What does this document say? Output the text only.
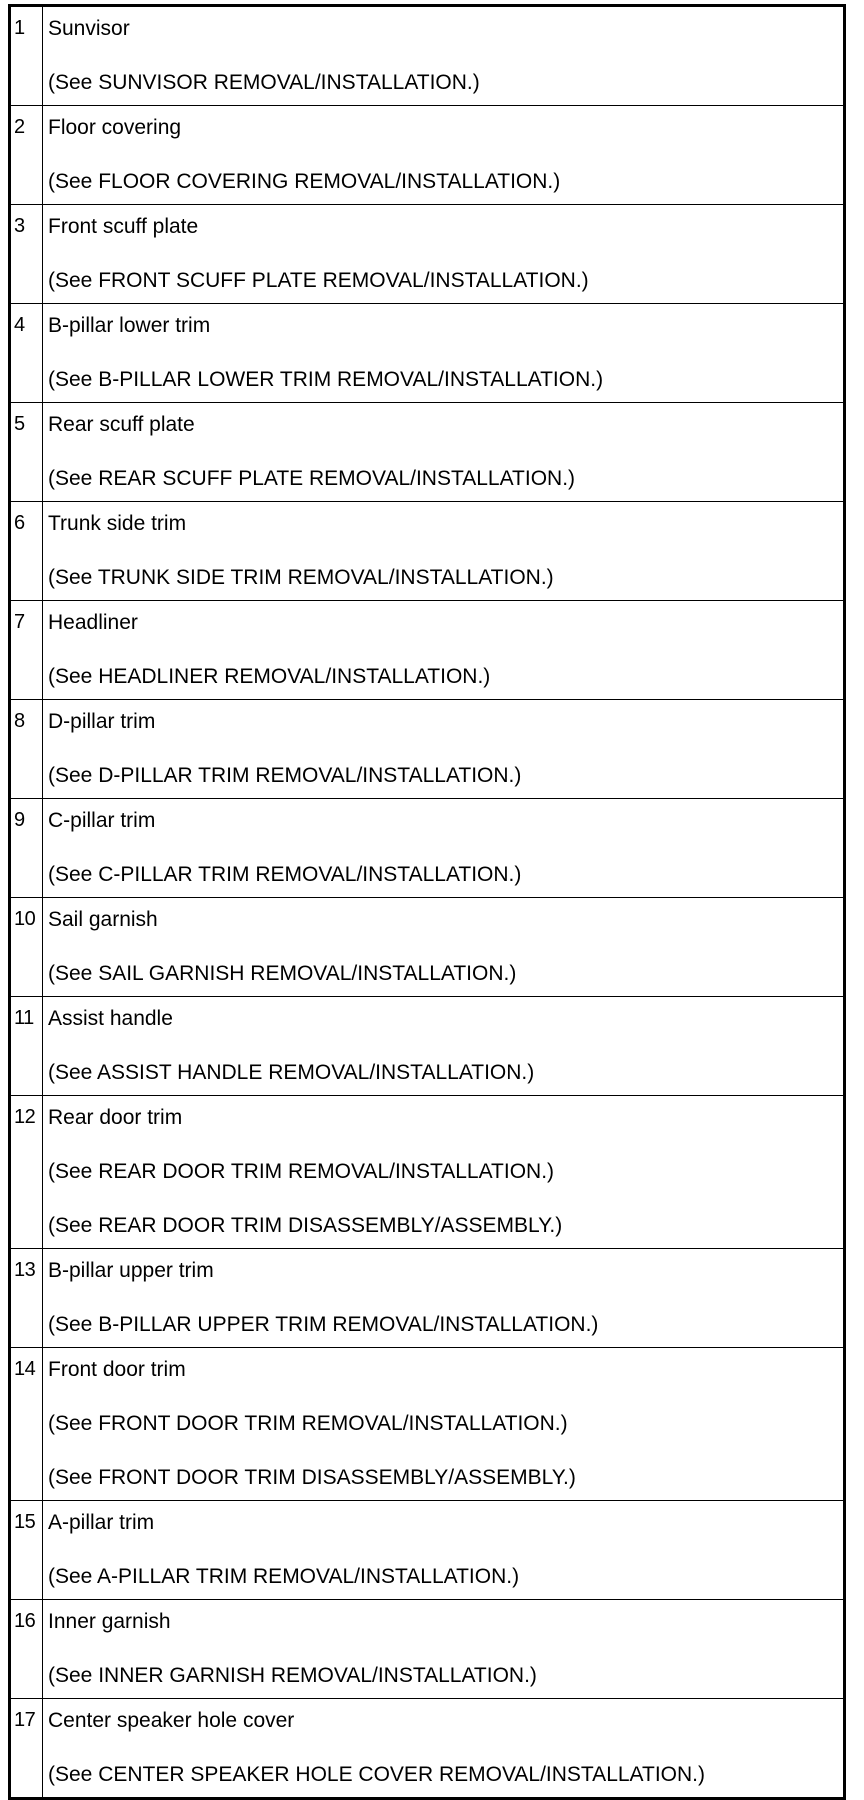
1	Sunvisor
(See SUNVISOR REMOVAL/INSTALLATION.)

2	Floor covering
(See FLOOR COVERING REMOVAL/INSTALLATION.)

3	Front scuff plate
(See FRONT SCUFF PLATE REMOVAL/INSTALLATION.)

4	B-pillar lower trim
(See B-PILLAR LOWER TRIM REMOVAL/INSTALLATION.)

5	Rear scuff plate
(See REAR SCUFF PLATE REMOVAL/INSTALLATION.)

6	Trunk side trim
(See TRUNK SIDE TRIM REMOVAL/INSTALLATION.)

7	Headliner
(See HEADLINER REMOVAL/INSTALLATION.)

8	D-pillar trim
(See D-PILLAR TRIM REMOVAL/INSTALLATION.)

9	C-pillar trim
(See C-PILLAR TRIM REMOVAL/INSTALLATION.)

10	Sail garnish
(See SAIL GARNISH REMOVAL/INSTALLATION.)

11	Assist handle
(See ASSIST HANDLE REMOVAL/INSTALLATION.)

12	Rear door trim
(See REAR DOOR TRIM REMOVAL/INSTALLATION.)
(See REAR DOOR TRIM DISASSEMBLY/ASSEMBLY.)

13	B-pillar upper trim
(See B-PILLAR UPPER TRIM REMOVAL/INSTALLATION.)

14	Front door trim
(See FRONT DOOR TRIM REMOVAL/INSTALLATION.)
(See FRONT DOOR TRIM DISASSEMBLY/ASSEMBLY.)

15	A-pillar trim
(See A-PILLAR TRIM REMOVAL/INSTALLATION.)

16	Inner garnish
(See INNER GARNISH REMOVAL/INSTALLATION.)

17	Center speaker hole cover
(See CENTER SPEAKER HOLE COVER REMOVAL/INSTALLATION.)
